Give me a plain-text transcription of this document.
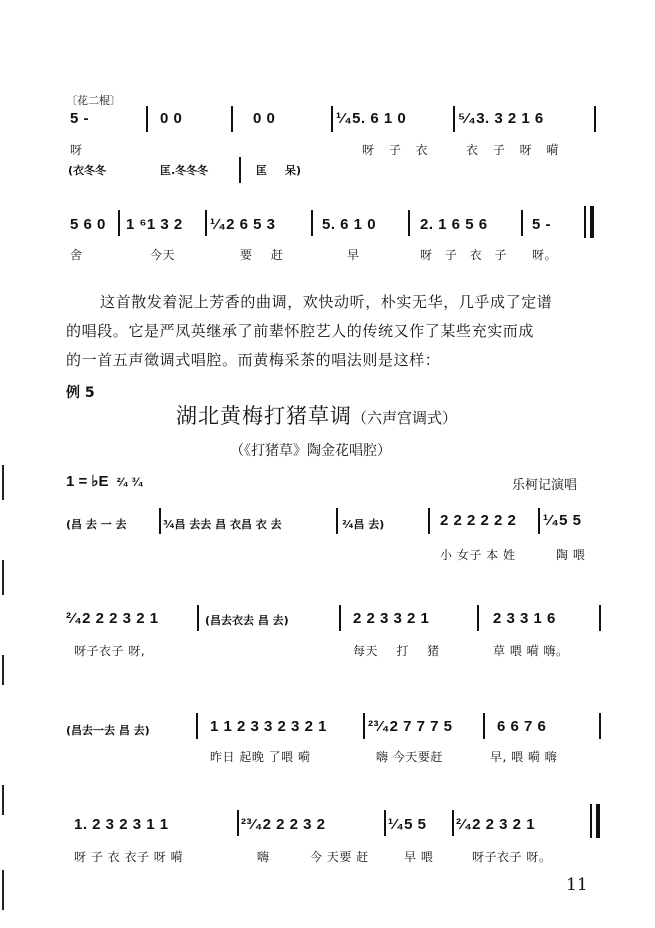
〔花二棍〕
5 -	0 0	0 0	¹⁄₄5. 6 1 0	⁵⁄₄3. 3 2 1 6
呀	呀 子 衣	衣 子 呀 嗬
(衣冬冬	匡.冬冬冬	匡 呆)
5 6 0 1 ⁶1 3 2 ¹⁄₄2 6 5 3	5. 6 1 0	2. 1 6 5 6	5 -
舍	今天	要 赶	早	呀 子 衣 子 呀。
这首散发着泥上芳香的曲调，欢快动听，朴实无华，几乎成了定谱
的唱段。它是严凤英继承了前辈怀腔艺人的传统又作了某些充实而成
的一首五声徵调式唱腔。而黄梅采茶的唱法则是这样：
例 5
湖北黄梅打猪草调（六声宫调式）
（《打猪草》陶金花唱腔）
1 = ♭E ²⁄₄ ³⁄₄	乐柯记演唱
(昌 去 一 去	³⁄₄昌 去去 昌 衣昌 衣 去	²⁄₄昌 去)	2 2 2 2 2 2 ¹⁄₄5 5
小 女子 本 姓	陶 喂
²⁄₄2 2 2 3 2 1	(昌去衣去 昌 去)	2 2 3 3 2 1	2 3 3 1 6
呀子衣子 呀,	每天 打 猪	草 喂 嗬 嗨。
(昌去一去 昌 去)	1 1 2 3 3 2 3 2 1	²³⁄₄2 7 7 7 5	6 6 7 6
昨日 起晚 了喂 嗬	嗨 今天要赶	早, 喂 嗬 嗨
1. 2 3 2 3 1 1	²³⁄₄2 2 2 3 2	¹⁄₄5 5 ²⁄₄2 2 3 2 1
呀 子 衣 衣子 呀 嗬	嗨	今 天要 赶	早 喂	呀子衣子 呀。
11
